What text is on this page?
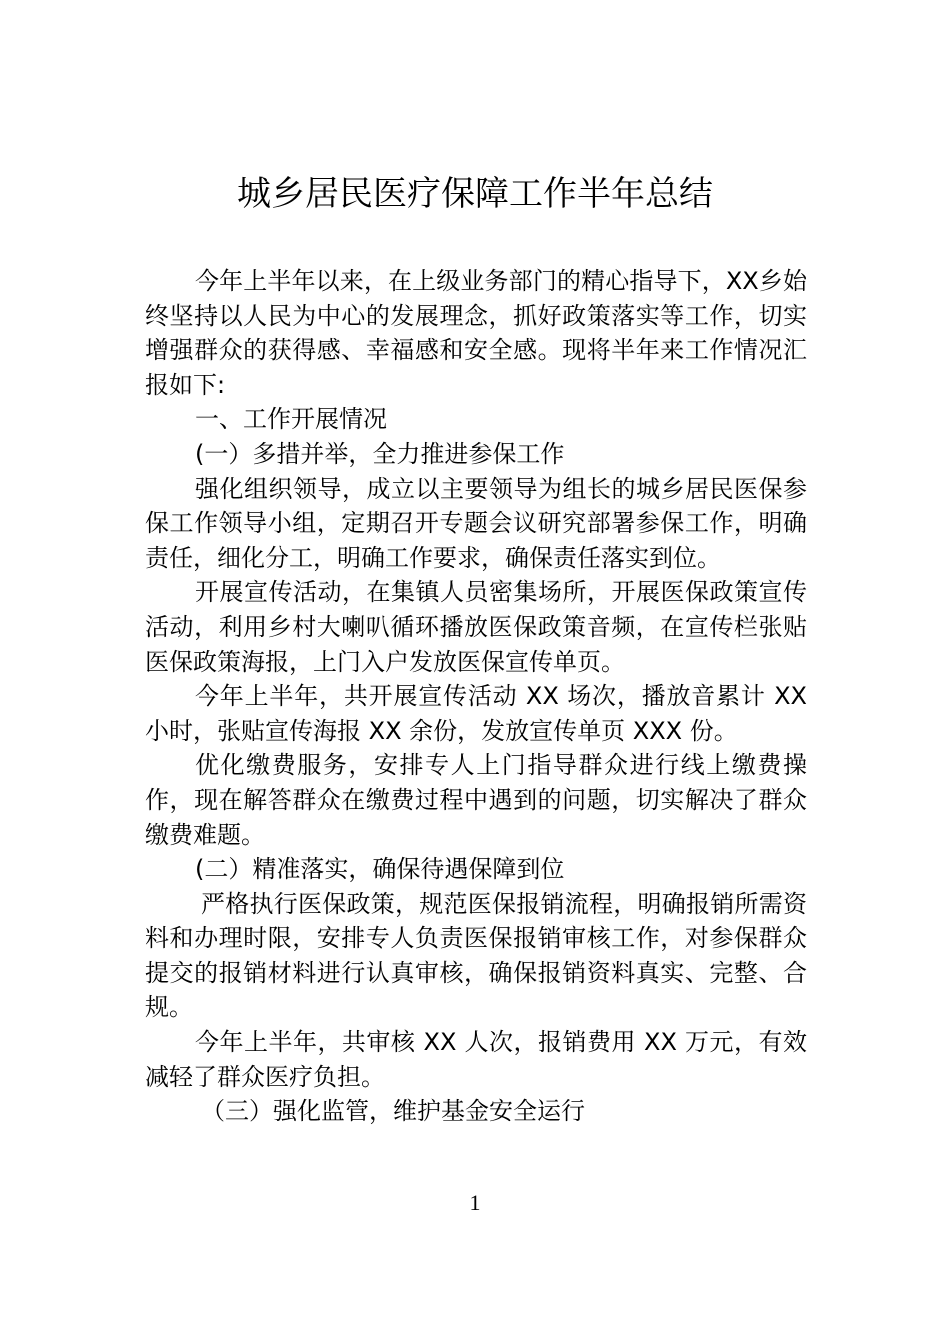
城乡居民医疗保障工作半年总结

今年上半年以来，在上级业务部门的精心指导下，XX乡始终坚持以人民为中心的发展理念，抓好政策落实等工作，切实增强群众的获得感、幸福感和安全感。现将半年来工作情况汇报如下:

一、工作开展情况

(一）多措并举，全力推进参保工作

强化组织领导，成立以主要领导为组长的城乡居民医保参保工作领导小组，定期召开专题会议研究部署参保工作，明确责任，细化分工，明确工作要求，确保责任落实到位。

开展宣传活动，在集镇人员密集场所，开展医保政策宣传活动，利用乡村大喇叭循环播放医保政策音频，在宣传栏张贴医保政策海报，上门入户发放医保宣传单页。

今年上半年，共开展宣传活动 XX 场次，播放音累计 XX 小时，张贴宣传海报 XX 余份，发放宣传单页 XXX 份。

优化缴费服务，安排专人上门指导群众进行线上缴费操作，现在解答群众在缴费过程中遇到的问题，切实解决了群众缴费难题。

(二）精准落实，确保待遇保障到位

严格执行医保政策，规范医保报销流程，明确报销所需资料和办理时限，安排专人负责医保报销审核工作，对参保群众提交的报销材料进行认真审核，确保报销资料真实、完整、合规。

今年上半年，共审核 XX 人次，报销费用 XX 万元，有效减轻了群众医疗负担。

（三）强化监管，维护基金安全运行

1
